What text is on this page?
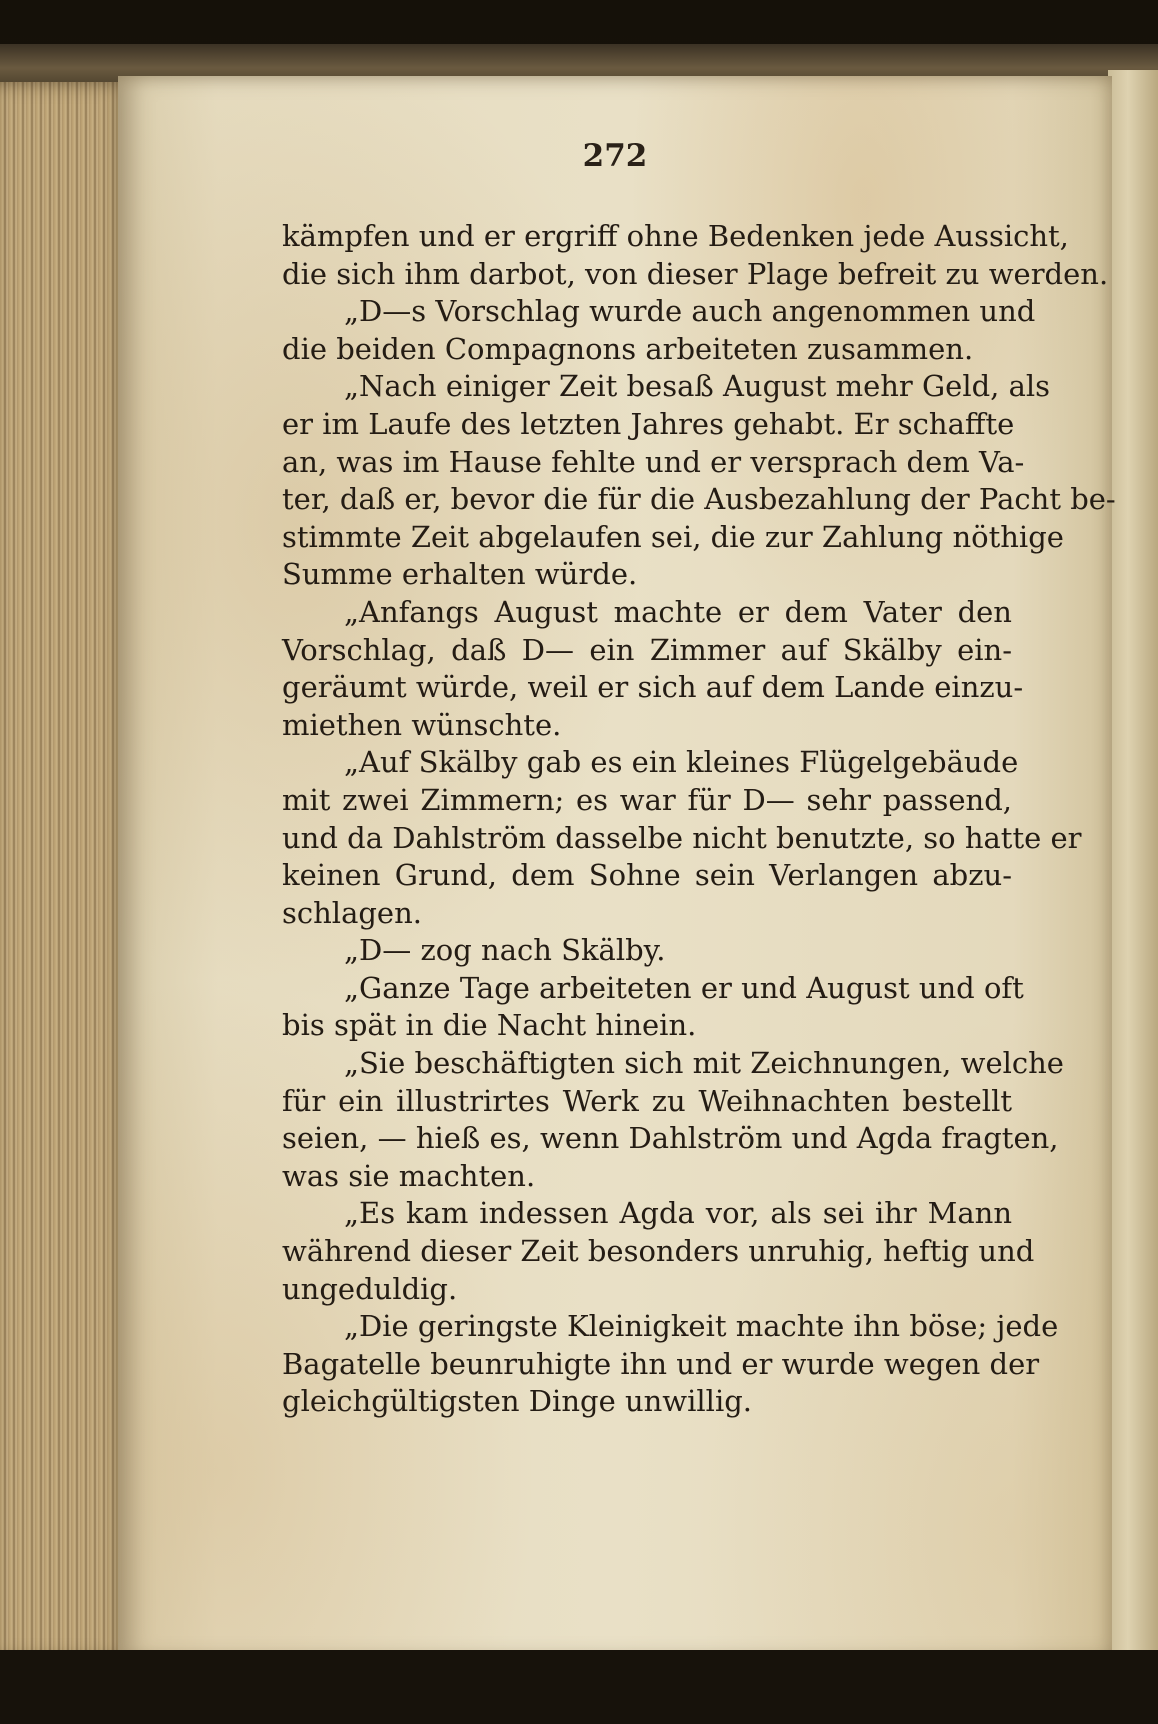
272
kämpfen und er ergriff ohne Bedenken jede Aussicht,
die sich ihm darbot, von dieser Plage befreit zu werden.
„D—s Vorschlag wurde auch angenommen und
die beiden Compagnons arbeiteten zusammen.
„Nach einiger Zeit besaß August mehr Geld, als
er im Laufe des letzten Jahres gehabt. Er schaffte
an, was im Hause fehlte und er versprach dem Va-
ter, daß er, bevor die für die Ausbezahlung der Pacht be-
stimmte Zeit abgelaufen sei, die zur Zahlung nöthige
Summe erhalten würde.
„Anfangs August machte er dem Vater den
Vorschlag, daß D— ein Zimmer auf Skälby ein-
geräumt würde, weil er sich auf dem Lande einzu-
miethen wünschte.
„Auf Skälby gab es ein kleines Flügelgebäude
mit zwei Zimmern; es war für D— sehr passend,
und da Dahlström dasselbe nicht benutzte, so hatte er
keinen Grund, dem Sohne sein Verlangen abzu-
schlagen.
„D— zog nach Skälby.
„Ganze Tage arbeiteten er und August und oft
bis spät in die Nacht hinein.
„Sie beschäftigten sich mit Zeichnungen, welche
für ein illustrirtes Werk zu Weihnachten bestellt
seien, — hieß es, wenn Dahlström und Agda fragten,
was sie machten.
„Es kam indessen Agda vor, als sei ihr Mann
während dieser Zeit besonders unruhig, heftig und
ungeduldig.
„Die geringste Kleinigkeit machte ihn böse; jede
Bagatelle beunruhigte ihn und er wurde wegen der
gleichgültigsten Dinge unwillig.
